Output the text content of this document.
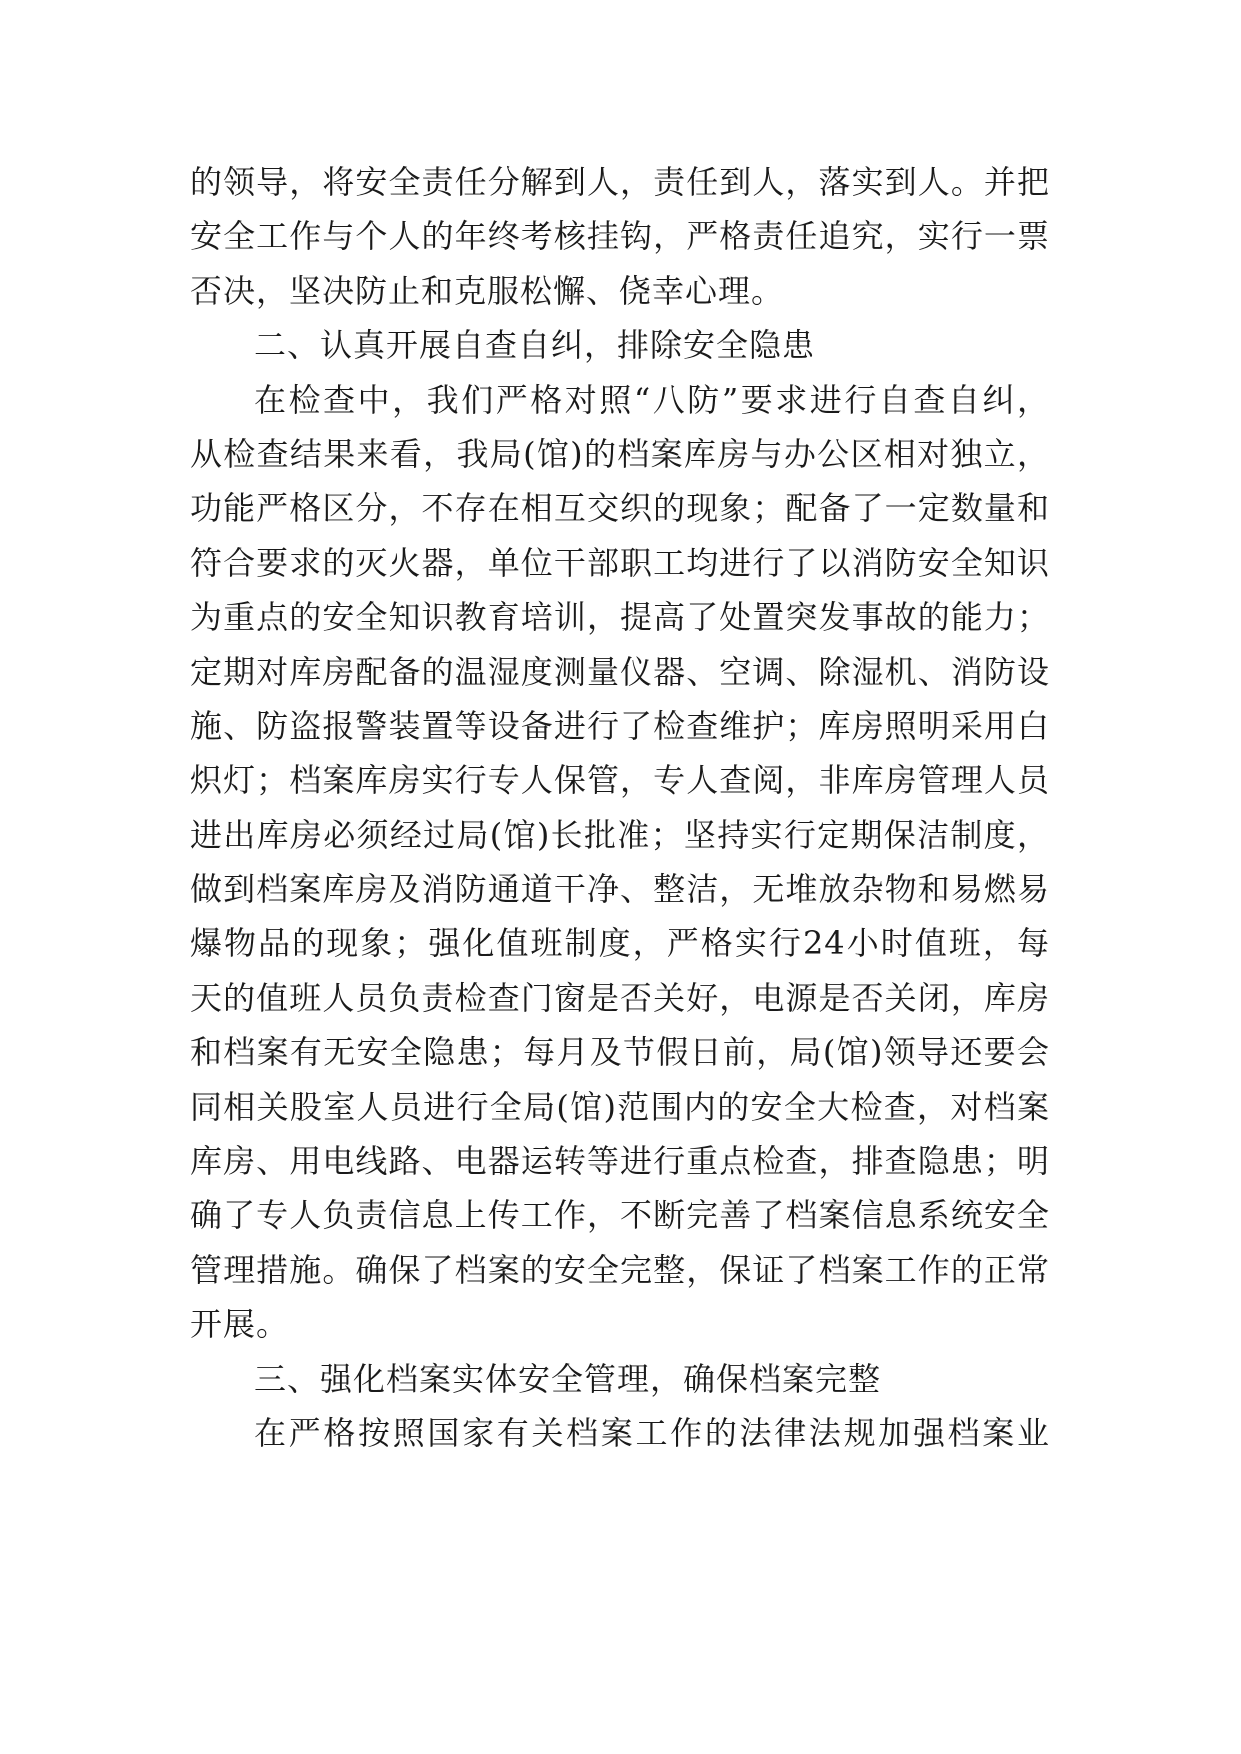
的领导，将安全责任分解到人，责任到人，落实到人。并把
安全工作与个人的年终考核挂钩，严格责任追究，实行一票
否决，坚决防止和克服松懈、侥幸心理。
二、认真开展自查自纠，排除安全隐患
在检查中，我们严格对照“八防”要求进行自查自纠，
从检查结果来看，我局(馆)的档案库房与办公区相对独立，
功能严格区分，不存在相互交织的现象；配备了一定数量和
符合要求的灭火器，单位干部职工均进行了以消防安全知识
为重点的安全知识教育培训，提高了处置突发事故的能力；
定期对库房配备的温湿度测量仪器、空调、除湿机、消防设
施、防盗报警装置等设备进行了检查维护；库房照明采用白
炽灯；档案库房实行专人保管，专人查阅，非库房管理人员
进出库房必须经过局(馆)长批准；坚持实行定期保洁制度，
做到档案库房及消防通道干净、整洁，无堆放杂物和易燃易
爆物品的现象；强化值班制度，严格实行24小时值班，每
天的值班人员负责检查门窗是否关好，电源是否关闭，库房
和档案有无安全隐患；每月及节假日前，局(馆)领导还要会
同相关股室人员进行全局(馆)范围内的安全大检查，对档案
库房、用电线路、电器运转等进行重点检查，排查隐患；明
确了专人负责信息上传工作，不断完善了档案信息系统安全
管理措施。确保了档案的安全完整，保证了档案工作的正常
开展。
三、强化档案实体安全管理，确保档案完整
在严格按照国家有关档案工作的法律法规加强档案业
